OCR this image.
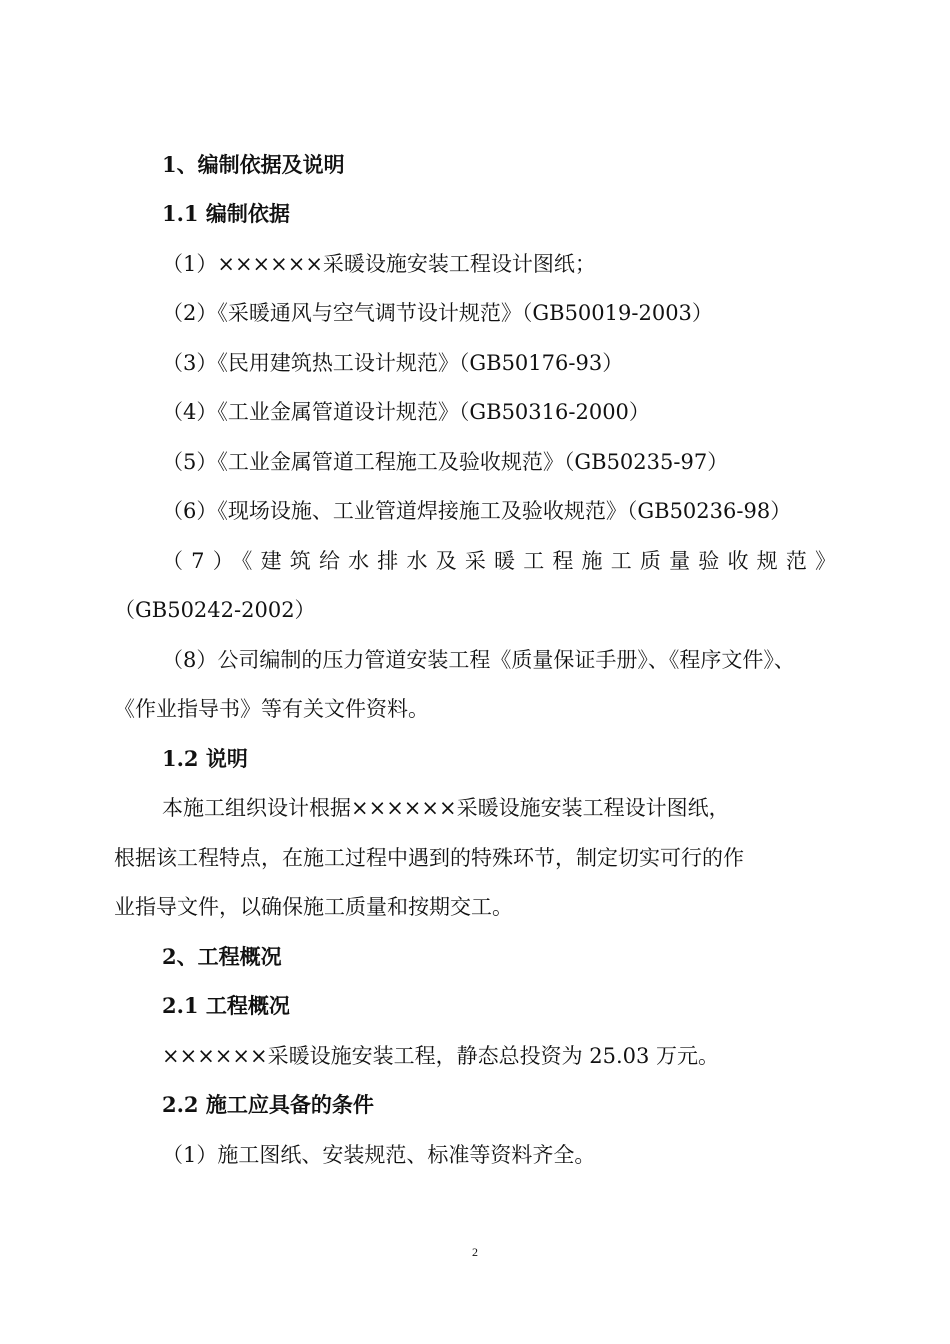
1、编制依据及说明
1.1 编制依据
（1）××××××采暖设施安装工程设计图纸；
（2）《采暖通风与空气调节设计规范》（GB50019-2003）
（3）《民用建筑热工设计规范》（GB50176-93）
（4）《工业金属管道设计规范》（GB50316-2000）
（5）《工业金属管道工程施工及验收规范》（GB50235-97）
（6）《现场设施、工业管道焊接施工及验收规范》（GB50236-98）
（7）《建筑给水排水及采暖工程施工质量验收规范》
（GB50242-2002）
（8）公司编制的压力管道安装工程《质量保证手册》、《程序文件》、
《作业指导书》等有关文件资料。
1.2 说明
本施工组织设计根据××××××采暖设施安装工程设计图纸，
根据该工程特点，在施工过程中遇到的特殊环节，制定切实可行的作
业指导文件，以确保施工质量和按期交工。
2、工程概况
2.1 工程概况
××××××采暖设施安装工程，静态总投资为 25.03 万元。
2.2 施工应具备的条件
（1）施工图纸、安装规范、标准等资料齐全。
2
